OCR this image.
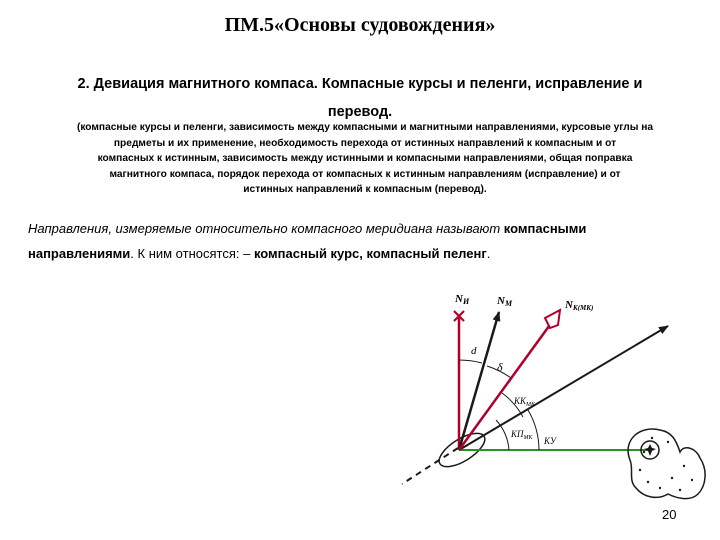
ПМ.5«Основы судовождения»
2. Девиация магнитного компаса. Компасные курсы и пеленги, исправление и
перевод.
(компасные курсы и пеленги, зависимость между компасными и магнитными направлениями, курсовые углы на
предметы и их применение, необходимость перехода от истинных направлений к компасным и от
компасных к истинным, зависимость между истинными и компасными направлениями, общая поправка
магнитного компаса, порядок перехода от компасных к истинным направлениям (исправление) и от
истинных направлений к компасным (перевод).
Направления, измеряемые относительно компасного меридиана называют компасными
направлениями. К ним относятся: – компасный курс, компасный пеленг.
NИ	NМ	NК(МК)
d
δ
$КК_{МК}$
$КП_{МК}$ КУ
20
